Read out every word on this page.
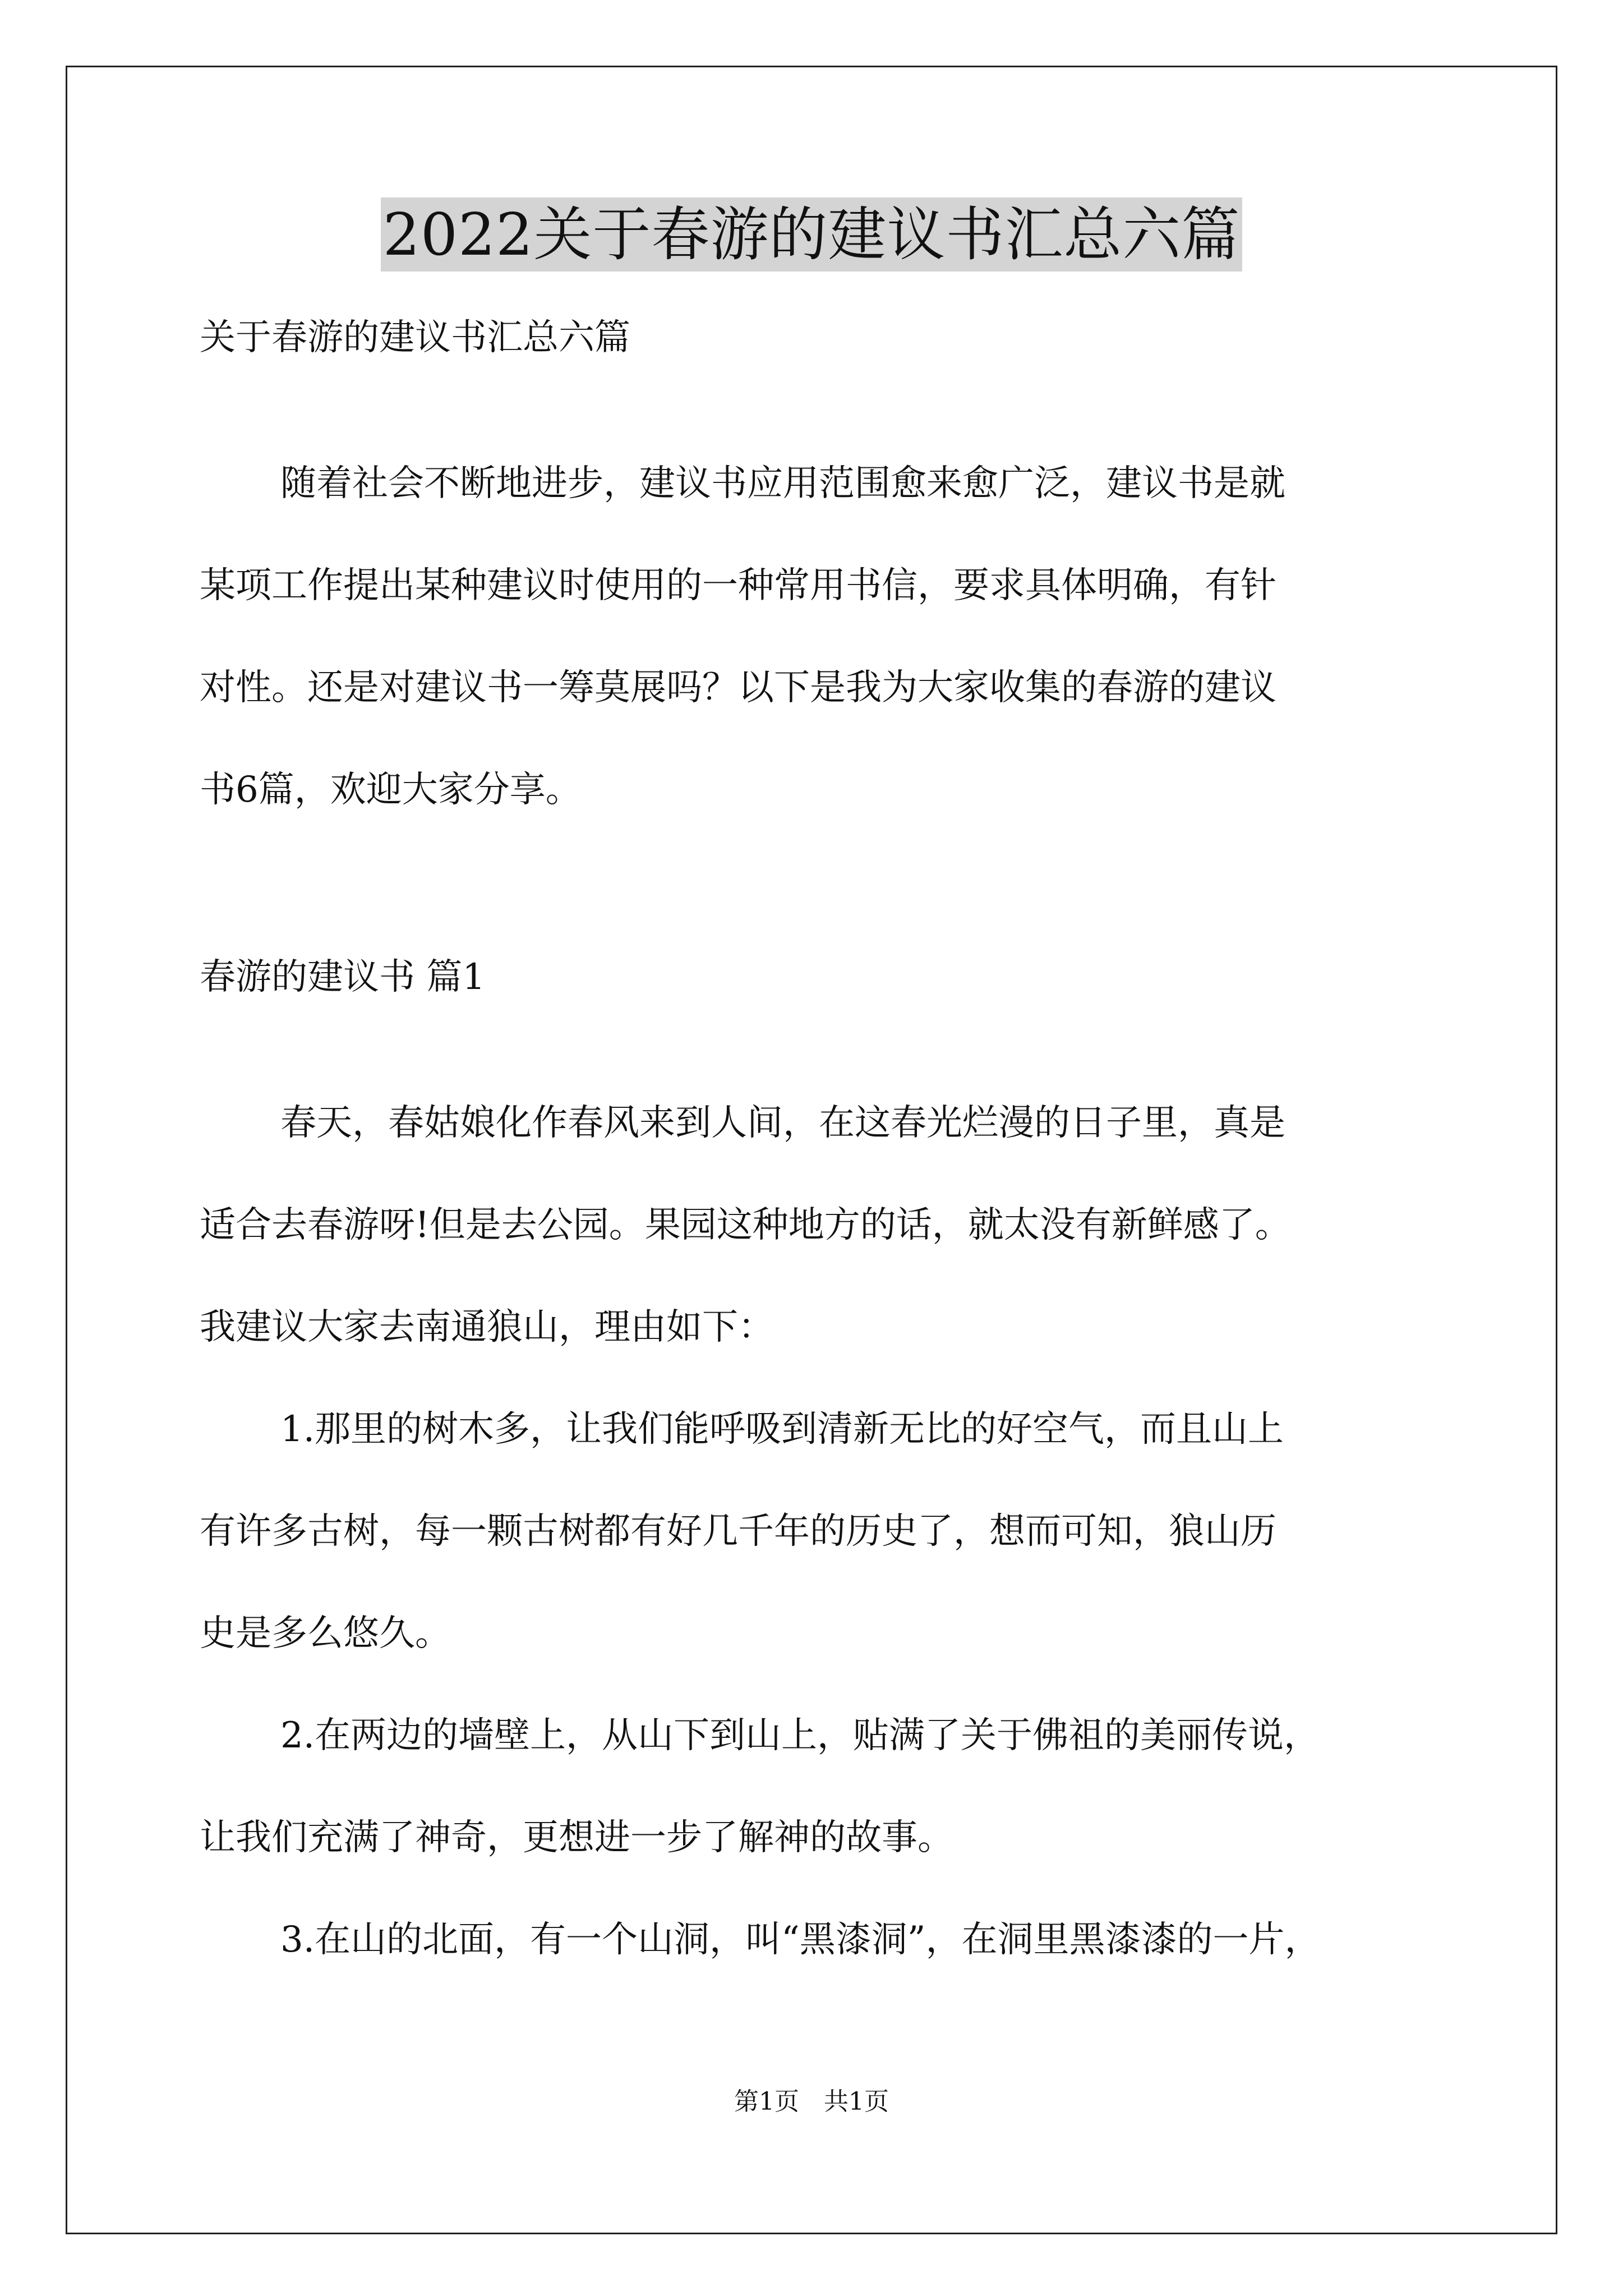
2022关于春游的建议书汇总六篇
关于春游的建议书汇总六篇
随着社会不断地进步，建议书应用范围愈来愈广泛，建议书是就
某项工作提出某种建议时使用的一种常用书信，要求具体明确，有针
对性。还是对建议书一筹莫展吗？以下是我为大家收集的春游的建议
书6篇，欢迎大家分享。
春游的建议书 篇1
春天，春姑娘化作春风来到人间，在这春光烂漫的日子里，真是
适合去春游呀!但是去公园。果园这种地方的话，就太没有新鲜感了。
我建议大家去南通狼山，理由如下：
1.那里的树木多，让我们能呼吸到清新无比的好空气，而且山上
有许多古树，每一颗古树都有好几千年的历史了，想而可知，狼山历
史是多么悠久。
2.在两边的墙壁上，从山下到山上，贴满了关于佛祖的美丽传说，
让我们充满了神奇，更想进一步了解神的故事。
3.在山的北面，有一个山洞，叫“黑漆洞”，在洞里黑漆漆的一片，
第1页　共1页
